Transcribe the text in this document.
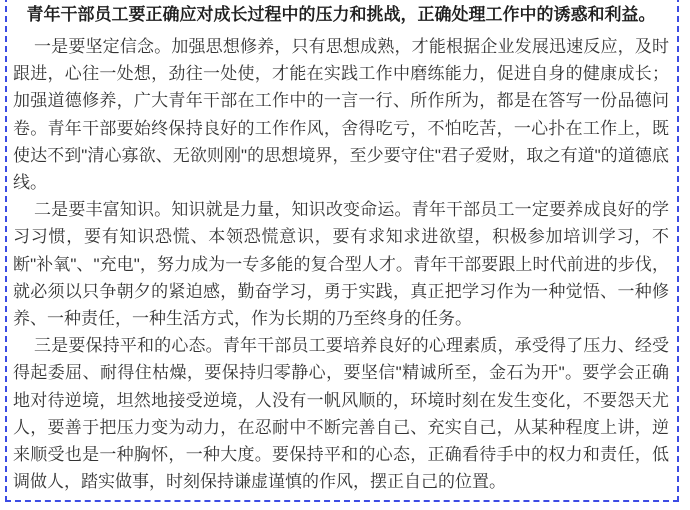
青年干部员工要正确应对成长过程中的压力和挑战，正确处理工作中的诱惑和利益。

一是要坚定信念。加强思想修养，只有思想成熟，才能根据企业发展迅速反应，及时跟进，心往一处想，劲往一处使，才能在实践工作中磨练能力，促进自身的健康成长；加强道德修养，广大青年干部在工作中的一言一行、所作所为，都是在答写一份品德问卷。青年干部要始终保持良好的工作作风，舍得吃亏，不怕吃苦，一心扑在工作上，既使达不到"清心寡欲、无欲则刚"的思想境界，至少要守住"君子爱财，取之有道"的道德底线。

二是要丰富知识。知识就是力量，知识改变命运。青年干部员工一定要养成良好的学习习惯，要有知识恐慌、本领恐慌意识，要有求知求进欲望，积极参加培训学习，不断"补氧"、"充电"，努力成为一专多能的复合型人才。青年干部要跟上时代前进的步伐，就必须以只争朝夕的紧迫感，勤奋学习，勇于实践，真正把学习作为一种觉悟、一种修养、一种责任，一种生活方式，作为长期的乃至终身的任务。

三是要保持平和的心态。青年干部员工要培养良好的心理素质，承受得了压力、经受得起委屈、耐得住枯燥，要保持归零静心，要坚信"精诚所至，金石为开"。要学会正确地对待逆境，坦然地接受逆境，人没有一帆风顺的，环境时刻在发生变化，不要怨天尤人，要善于把压力变为动力，在忍耐中不断完善自己、充实自己，从某种程度上讲，逆来顺受也是一种胸怀，一种大度。要保持平和的心态，正确看待手中的权力和责任，低调做人，踏实做事，时刻保持谦虚谨慎的作风，摆正自己的位置。
